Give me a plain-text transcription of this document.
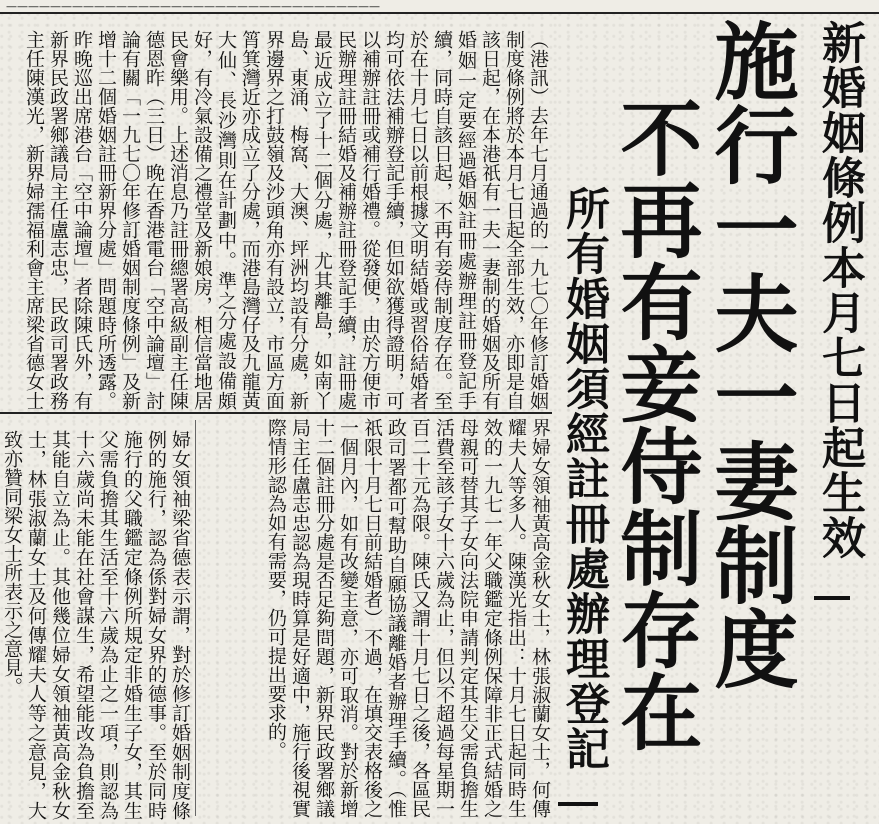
——————————————————————————————————
新婚姻條例本月七日起生效
施行一夫一妻制度
不再有妾侍制存在
所有婚姻須經註冊處辦理登記
（港訊）去年七月通過的一九七〇年修訂婚姻制度條例將於本月七日起全部生效，亦即是自該日起，在本港祇有一夫一妻制的婚姻及所有婚姻一定要經過婚姻註冊處辦理註冊登記手續，同時自該日起，不再有妾侍制度存在。至於在十月七日以前根據文明結婚或習俗結婚者均可依法補辦登記手續，但如欲獲得證明，可以補辦註冊或補行婚禮。從發便，由於方便市民辦理註冊結婚及補辦註冊登記手續，註冊處最近成立了十二個分處，尤其離島，如南丫島、東涌、梅窩、大澳、坪洲均設有分處，新界邊界之打鼓嶺及沙頭角亦有設立，市區方面筲箕灣近亦成立了分處，而港島灣仔及九龍黃大仙、長沙灣則在計劃中。準之分處設備頗好，有冷氣設備之禮堂及新娘房，相信當地居民會樂用。上述消息乃註冊總署高級副主任陳德恩昨（三日）晚在香港電台「空中論壇」討論有關「一九七〇年修訂婚姻制度條例」及新增十二個婚姻註冊新界分處」問題時所透露。昨晚巡出席港台「空中論壇」者除陳氏外，有新界民政署鄉議局主任盧志忠，民政司署政務主任陳漢光，新界婦孺福利會主席梁省德女士
界婦女領袖黃高金秋女士，林張淑蘭女士，何傳耀夫人等多人。陳漢光指出：十月七日起同時生效的一九七一年父職鑑定條例保障非正式結婚之母親可替其子女向法院申請判定其生父需負擔生活費至該子女十六歲為止，但以不超過每星期一百二十元為限。陳氏又謂十月七日之後，各區民政司署都可幫助自願協議離婚者辦理手續。（惟祇限十月七日前結婚者）不過，在填交表格後之一個月內，如有改變主意，亦可取消。對於新增十二個註冊分處是否足夠問題，新界民政署鄉議局主任盧志忠認為現時算是好適中，施行後視實際情形認為如有需要，仍可提出要求的。
婦女領袖梁省德表示謂，對於修訂婚姻制度條例的施行，認為係對婦女界的德事。至於同時施行的父職鑑定條例所規定非婚生子女，其生父需負擔其生活至十六歲為止之一項，則認為十六歲尚未能在社會謀生，希望能改為負擔至其能自立為止。其他幾位婦女領袖黃高金秋女士，林張淑蘭女士及何傳耀夫人等之意見，大致亦贊同梁女士所表示之意見。
